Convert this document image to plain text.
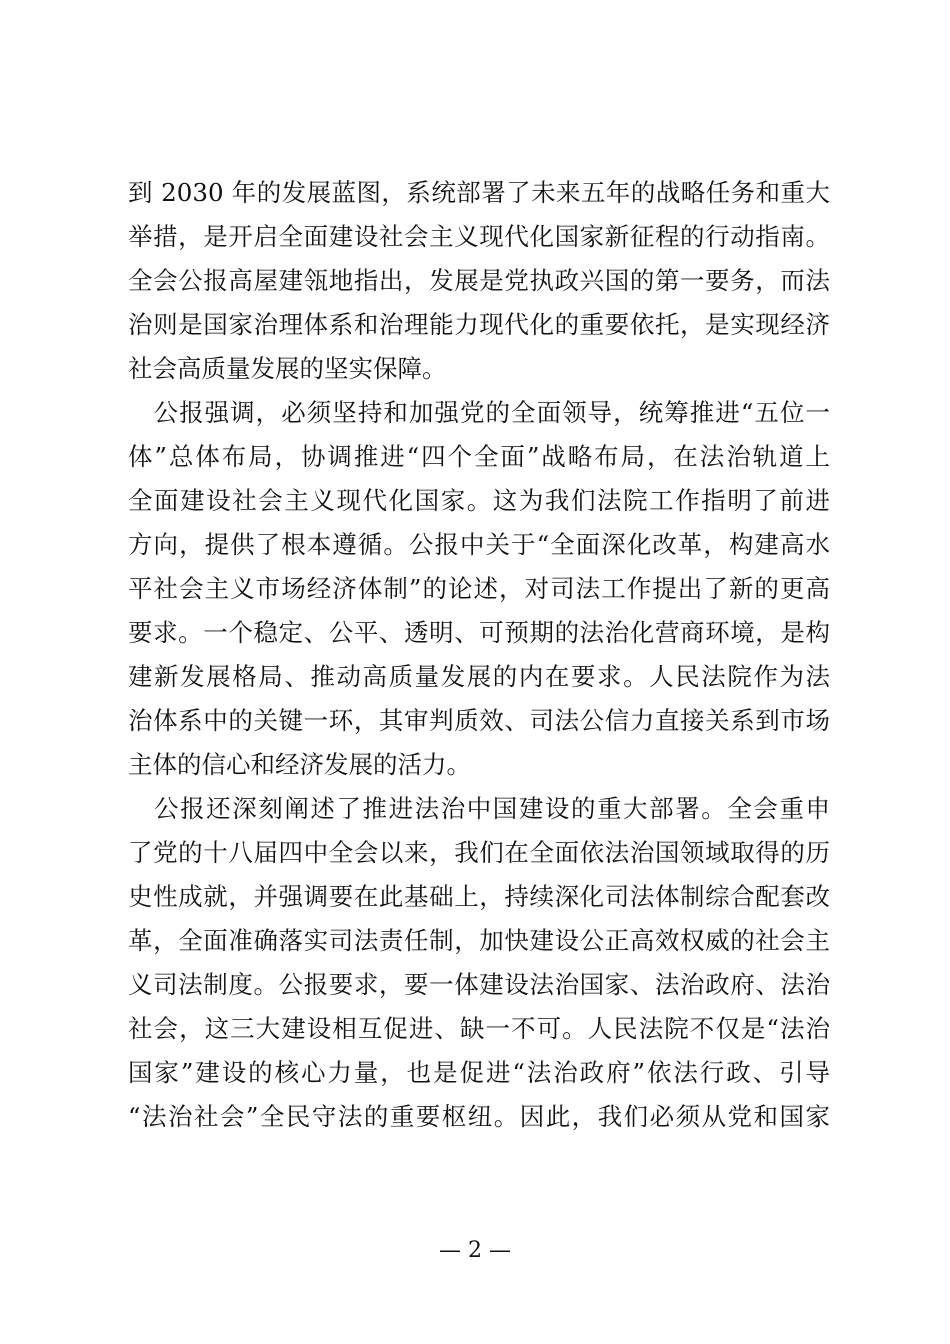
到 2030 年的发展蓝图，系统部署了未来五年的战略任务和重大
举措，是开启全面建设社会主义现代化国家新征程的行动指南。
全会公报高屋建瓴地指出，发展是党执政兴国的第一要务，而法
治则是国家治理体系和治理能力现代化的重要依托，是实现经济
社会高质量发展的坚实保障。
　公报强调，必须坚持和加强党的全面领导，统筹推进“五位一
体”总体布局，协调推进“四个全面”战略布局，在法治轨道上
全面建设社会主义现代化国家。这为我们法院工作指明了前进
方向，提供了根本遵循。公报中关于“全面深化改革，构建高水
平社会主义市场经济体制”的论述，对司法工作提出了新的更高
要求。一个稳定、公平、透明、可预期的法治化营商环境，是构
建新发展格局、推动高质量发展的内在要求。人民法院作为法
治体系中的关键一环，其审判质效、司法公信力直接关系到市场
主体的信心和经济发展的活力。
　公报还深刻阐述了推进法治中国建设的重大部署。全会重申
了党的十八届四中全会以来，我们在全面依法治国领域取得的历
史性成就，并强调要在此基础上，持续深化司法体制综合配套改
革，全面准确落实司法责任制，加快建设公正高效权威的社会主
义司法制度。公报要求，要一体建设法治国家、法治政府、法治
社会，这三大建设相互促进、缺一不可。人民法院不仅是“法治
国家”建设的核心力量，也是促进“法治政府”依法行政、引导
“法治社会”全民守法的重要枢纽。因此，我们必须从党和国家
— 2 —
